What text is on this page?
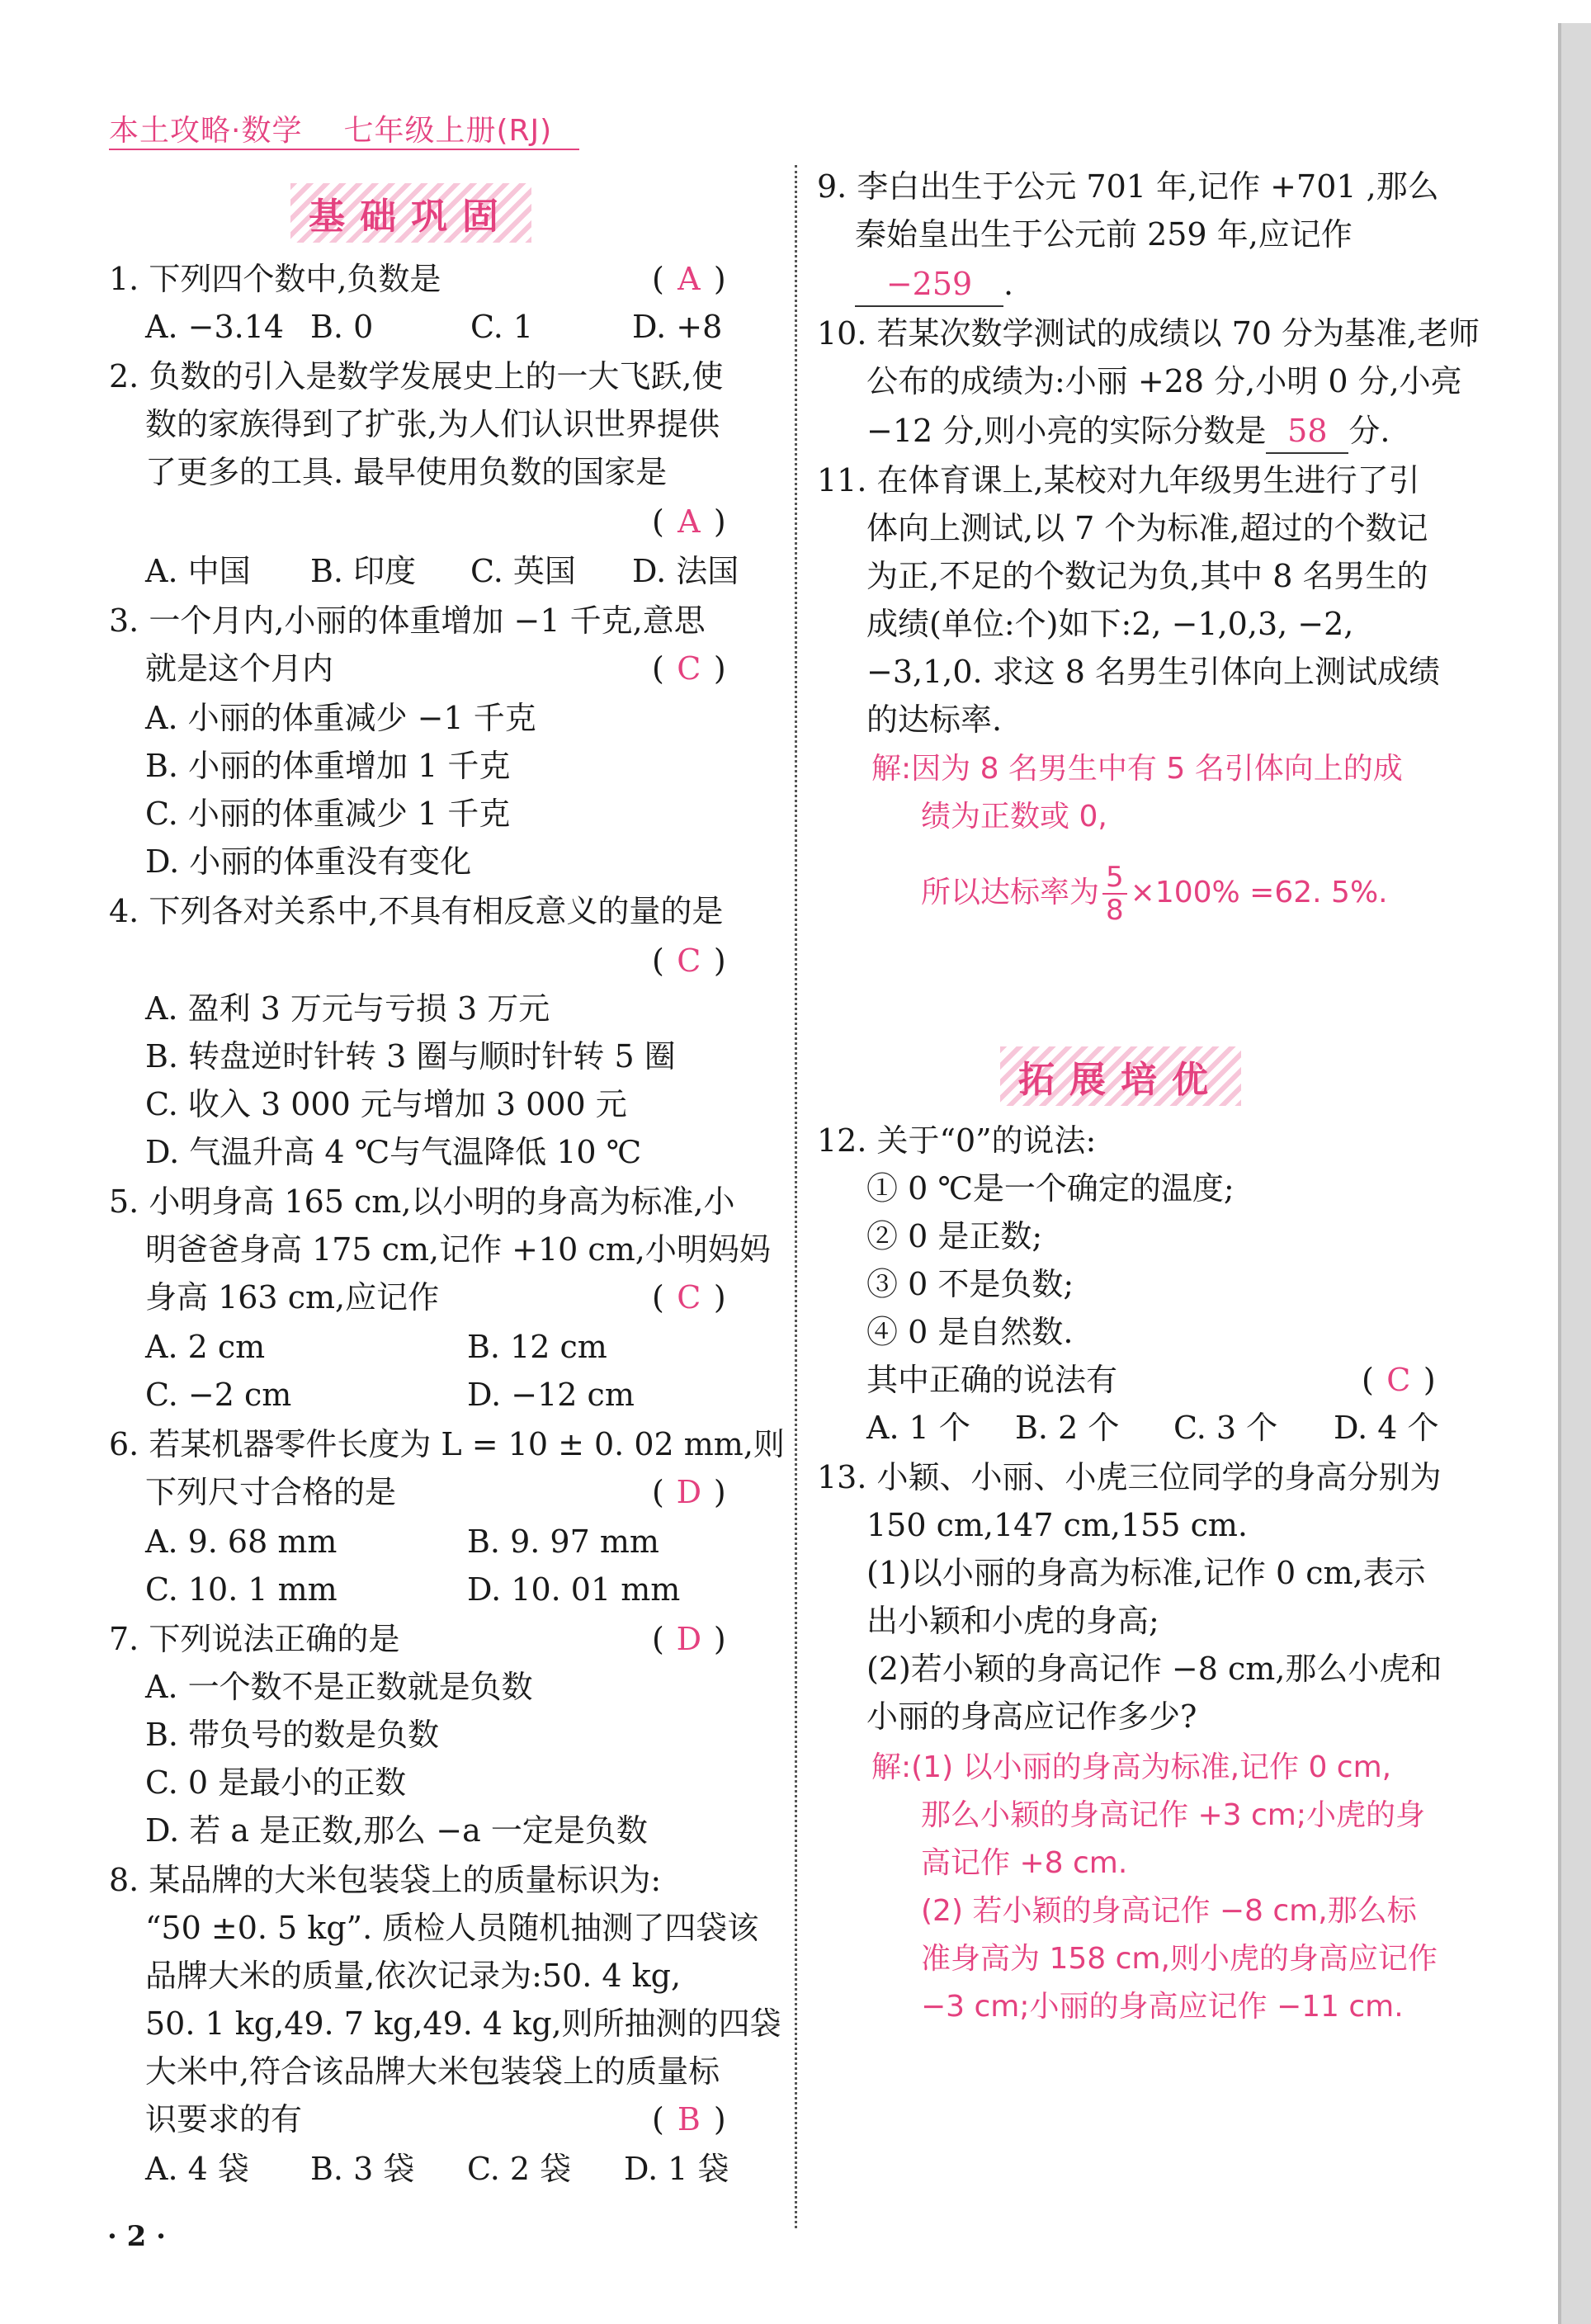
本土攻略·数学 七年级上册(RJ)
基础巩固
1. 下列四个数中,负数是	( A )
A. −3.14 B. 0	C. 1	D. +8
2. 负数的引入是数学发展史上的一大飞跃,使
数的家族得到了扩张,为人们认识世界提供
了更多的工具. 最早使用负数的国家是
( A )
A. 中国 B. 印度 C. 英国 D. 法国
3. 一个月内,小丽的体重增加 −1 千克,意思
就是这个月内	( C )
A. 小丽的体重减少 −1 千克
B. 小丽的体重增加 1 千克
C. 小丽的体重减少 1 千克
D. 小丽的体重没有变化
4. 下列各对关系中,不具有相反意义的量的是
( C )
A. 盈利 3 万元与亏损 3 万元
B. 转盘逆时针转 3 圈与顺时针转 5 圈
C. 收入 3 000 元与增加 3 000 元
D. 气温升高 4 ℃与气温降低 10 ℃
5. 小明身高 165 cm,以小明的身高为标准,小
明爸爸身高 175 cm,记作 +10 cm,小明妈妈
身高 163 cm,应记作	( C )
A. 2 cm	B. 12 cm
C. −2 cm	D. −12 cm
6. 若某机器零件长度为 L = 10 ± 0. 02 mm,则
下列尺寸合格的是	( D )
A. 9. 68 mm	B. 9. 97 mm
C. 10. 1 mm	D. 10. 01 mm
7. 下列说法正确的是	( D )
A. 一个数不是正数就是负数
B. 带负号的数是负数
C. 0 是最小的正数
D. 若 a 是正数,那么 −a 一定是负数
8. 某品牌的大米包装袋上的质量标识为:
“50 ±0. 5 kg”. 质检人员随机抽测了四袋该
品牌大米的质量,依次记录为:50. 4 kg,
50. 1 kg,49. 7 kg,49. 4 kg,则所抽测的四袋
大米中,符合该品牌大米包装袋上的质量标
识要求的有	( B )
A. 4 袋 B. 3 袋 C. 2 袋 D. 1 袋
9. 李白出生于公元 701 年,记作 +701 ,那么
秦始皇出生于公元前 259 年,应记作
−259 .
10. 若某次数学测试的成绩以 70 分为基准,老师
公布的成绩为:小丽 +28 分,小明 0 分,小亮
−12 分,则小亮的实际分数是 58 分.
11. 在体育课上,某校对九年级男生进行了引
体向上测试,以 7 个为标准,超过的个数记
为正,不足的个数记为负,其中 8 名男生的
成绩(单位:个)如下:2, −1,0,3, −2,
−3,1,0. 求这 8 名男生引体向上测试成绩
的达标率.
解:因为 8 名男生中有 5 名引体向上的成
绩为正数或 0,
所以达标率为 $\frac{5}{8} \times 100\% =62$. 5%.
拓展培优
12. 关于“0”的说法:
① 0 ℃是一个确定的温度;
② 0 是正数;
③ 0 不是负数;
④ 0 是自然数.
其中正确的说法有	( C )
A. 1 个 B. 2 个 C. 3 个 D. 4 个
13. 小颖、小丽、小虎三位同学的身高分别为
150 cm,147 cm,155 cm.
(1)以小丽的身高为标准,记作 0 cm,表示
出小颖和小虎的身高;
(2)若小颖的身高记作 −8 cm,那么小虎和
小丽的身高应记作多少?
解:(1) 以小丽的身高为标准,记作 0 cm,
那么小颖的身高记作 +3 cm;小虎的身
高记作 +8 cm.
(2) 若小颖的身高记作 −8 cm,那么标
准身高为 158 cm,则小虎的身高应记作
−3 cm;小丽的身高应记作 −11 cm.
· 2 ·
